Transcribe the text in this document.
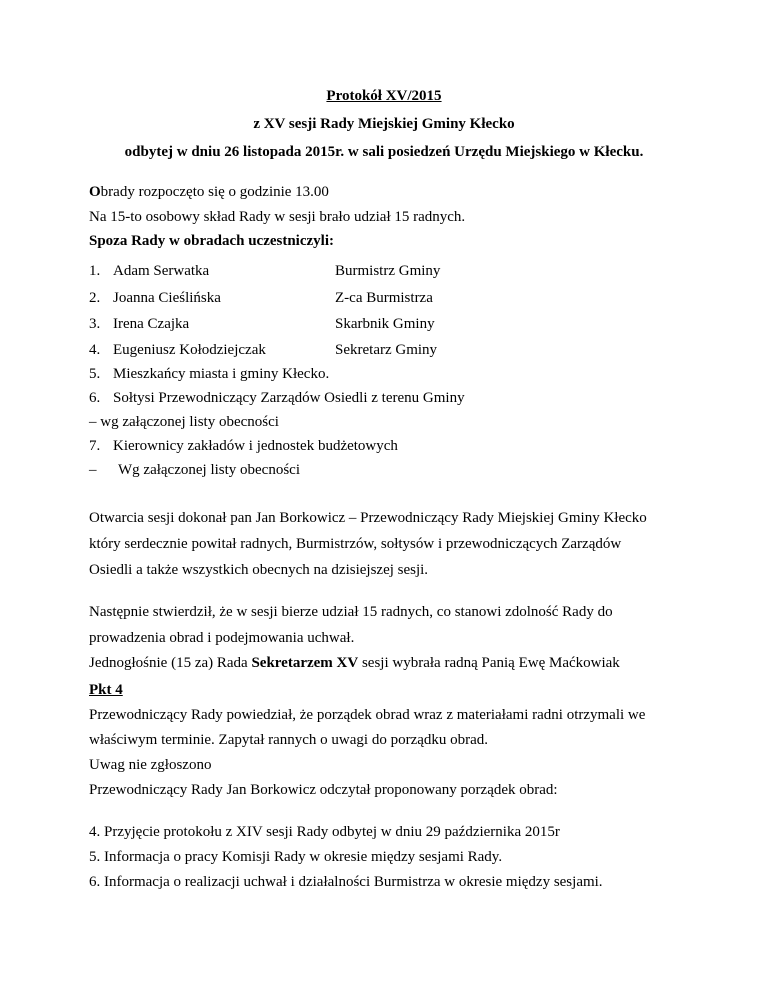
Protokół XV/2015
z XV sesji Rady Miejskiej Gminy Kłecko
odbytej w dniu 26 listopada 2015r. w sali posiedzeń Urzędu Miejskiego w Kłecku.
Obrady rozpoczęto się o godzinie 13.00
Na 15-to osobowy skład Rady w sesji brało udział 15 radnych.
Spoza Rady w obradach uczestniczyli:
1. Adam Serwatka	Burmistrz Gminy
2. Joanna Cieślińska	Z-ca Burmistrza
3. Irena Czajka	Skarbnik Gminy
4. Eugeniusz Kołodziejczak	Sekretarz Gminy
5. Mieszkańcy miasta i gminy Kłecko.
6. Sołtysi Przewodniczący Zarządów Osiedli z terenu Gminy
– wg załączonej listy obecności
7. Kierownicy zakładów i jednostek budżetowych
– Wg załączonej listy obecności
Otwarcia sesji dokonał pan Jan Borkowicz – Przewodniczący Rady Miejskiej Gminy Kłecko
który serdecznie powitał radnych, Burmistrzów, sołtysów i przewodniczących Zarządów
Osiedli a także wszystkich obecnych na dzisiejszej sesji.
Następnie stwierdził, że w sesji bierze udział 15 radnych, co stanowi zdolność Rady do
prowadzenia obrad i podejmowania uchwał.
Jednogłośnie (15 za) Rada Sekretarzem XV sesji wybrała radną Panią Ewę Maćkowiak
Pkt 4
Przewodniczący Rady powiedział, że porządek obrad wraz z materiałami radni otrzymali we
właściwym terminie. Zapytał rannych o uwagi do porządku obrad.
Uwag nie zgłoszono
Przewodniczący Rady Jan Borkowicz odczytał proponowany porządek obrad:
4. Przyjęcie protokołu z XIV sesji Rady odbytej w dniu 29 października 2015r
5. Informacja o pracy Komisji Rady w okresie między sesjami Rady.
6. Informacja o realizacji uchwał i działalności Burmistrza w okresie między sesjami.
